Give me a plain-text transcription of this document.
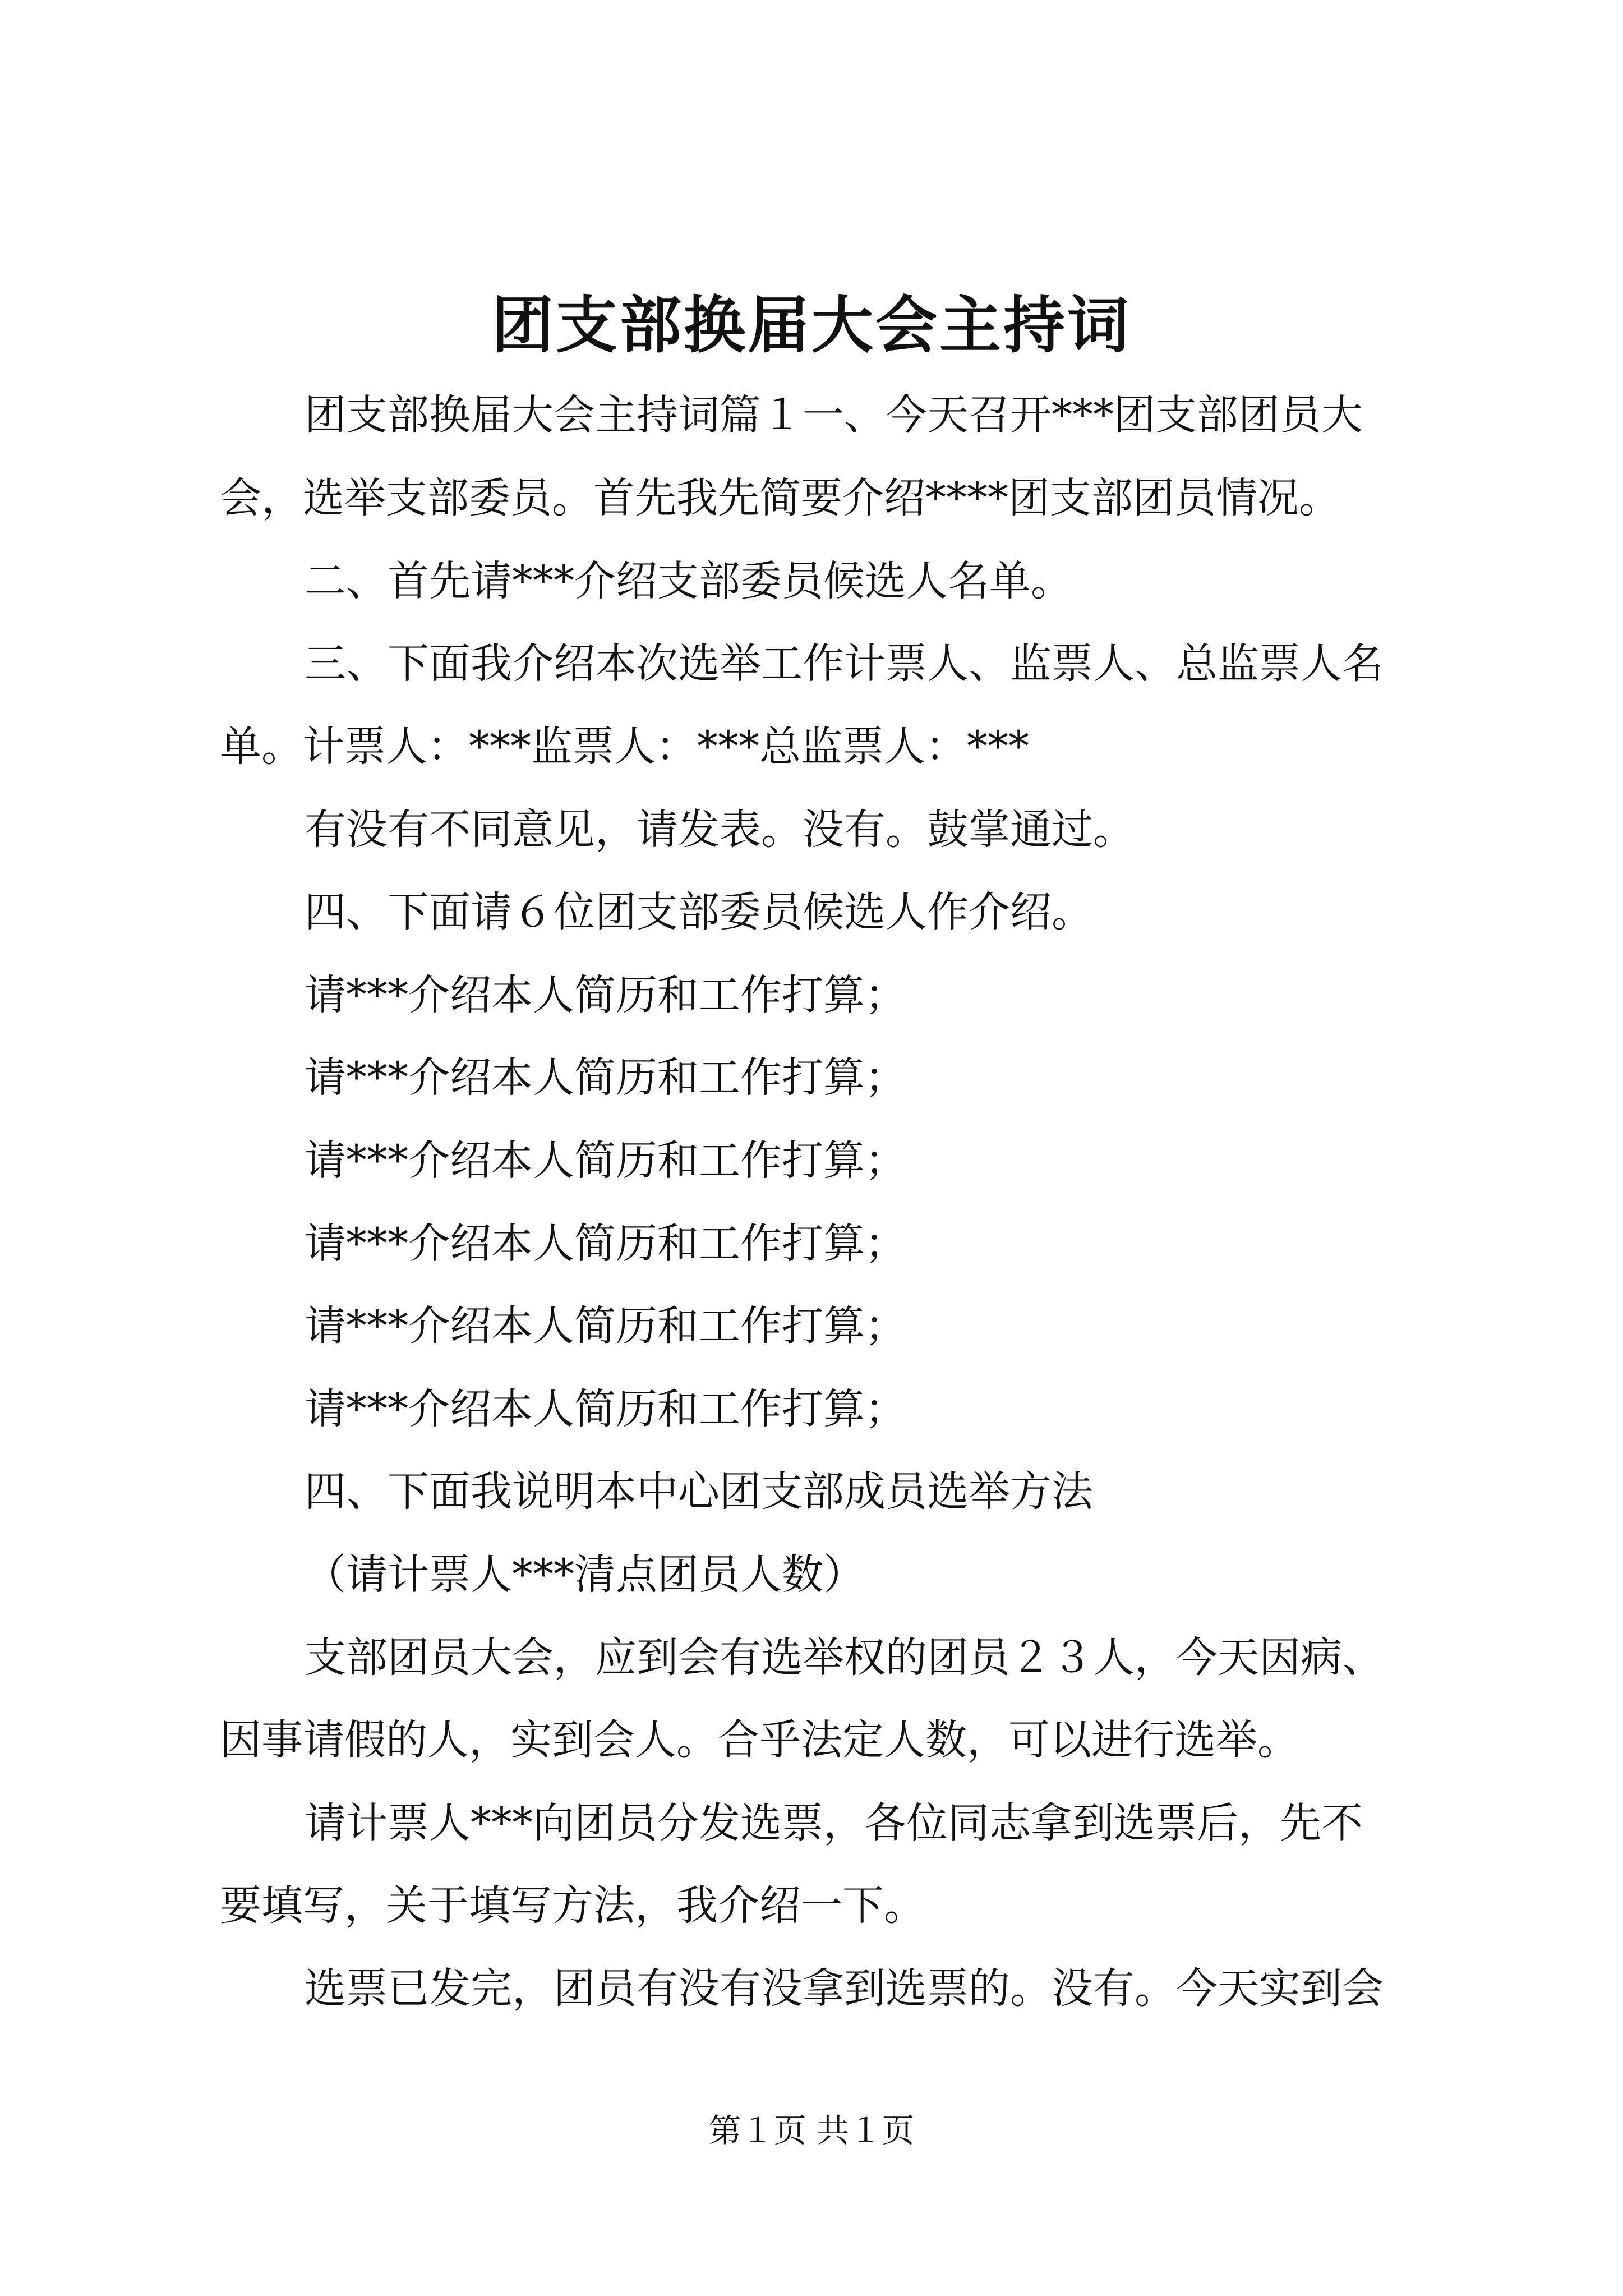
团支部换届大会主持词
团支部换届大会主持词篇１一、今天召开***团支部团员大
会，选举支部委员。首先我先简要介绍****团支部团员情况。
二、首先请***介绍支部委员候选人名单。
三、下面我介绍本次选举工作计票人、监票人、总监票人名
单。计票人：***监票人：***总监票人：***
有没有不同意见，请发表。没有。鼓掌通过。
四、下面请６位团支部委员候选人作介绍。
请***介绍本人简历和工作打算；
请***介绍本人简历和工作打算；
请***介绍本人简历和工作打算；
请***介绍本人简历和工作打算；
请***介绍本人简历和工作打算；
请***介绍本人简历和工作打算；
四、下面我说明本中心团支部成员选举方法
（请计票人***清点团员人数）
支部团员大会，应到会有选举权的团员２３人，今天因病、
因事请假的人，实到会人。合乎法定人数，可以进行选举。
请计票人***向团员分发选票，各位同志拿到选票后，先不
要填写，关于填写方法，我介绍一下。
选票已发完，团员有没有没拿到选票的。没有。今天实到会
第１页 共１页
